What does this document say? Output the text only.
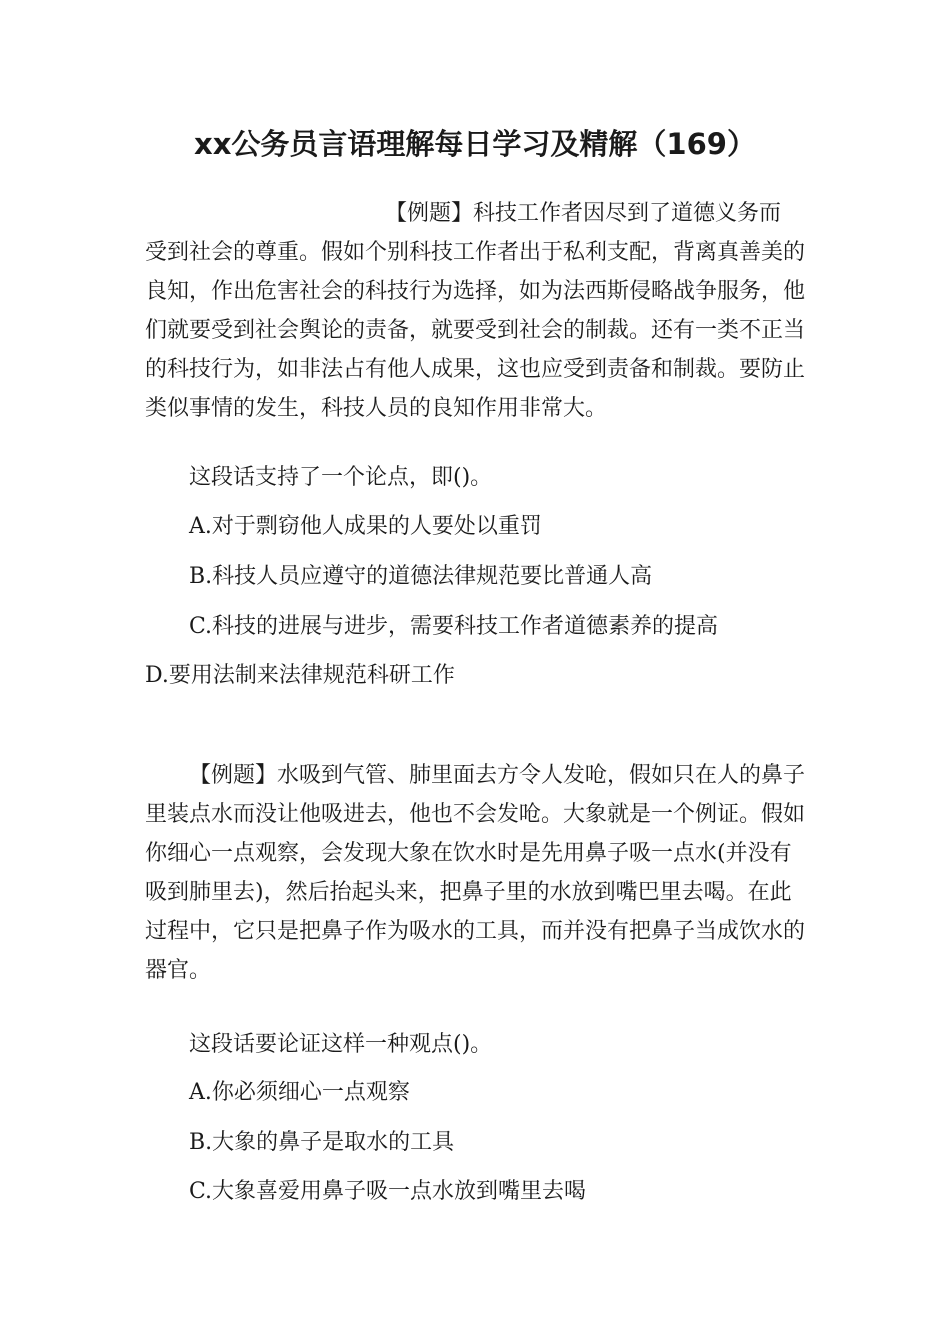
xx公务员言语理解每日学习及精解（169）

【例题】科技工作者因尽到了道德义务而
受到社会的尊重。假如个别科技工作者出于私利支配，背离真善美的良知，作出危害社会的科技行为选择，如为法西斯侵略战争服务，他们就要受到社会舆论的责备，就要受到社会的制裁。还有一类不正当的科技行为，如非法占有他人成果，这也应受到责备和制裁。要防止类似事情的发生，科技人员的良知作用非常大。

这段话支持了一个论点，即()。

A.对于剽窃他人成果的人要处以重罚

B.科技人员应遵守的道德法律规范要比普通人高

C.科技的进展与进步，需要科技工作者道德素养的提高

D.要用法制来法律规范科研工作

【例题】水吸到气管、肺里面去方令人发呛，假如只在人的鼻子里装点水而没让他吸进去，他也不会发呛。大象就是一个例证。假如你细心一点观察，会发现大象在饮水时是先用鼻子吸一点水(并没有吸到肺里去)，然后抬起头来，把鼻子里的水放到嘴巴里去喝。在此过程中，它只是把鼻子作为吸水的工具，而并没有把鼻子当成饮水的器官。

这段话要论证这样一种观点()。

A.你必须细心一点观察

B.大象的鼻子是取水的工具

C.大象喜爱用鼻子吸一点水放到嘴里去喝
